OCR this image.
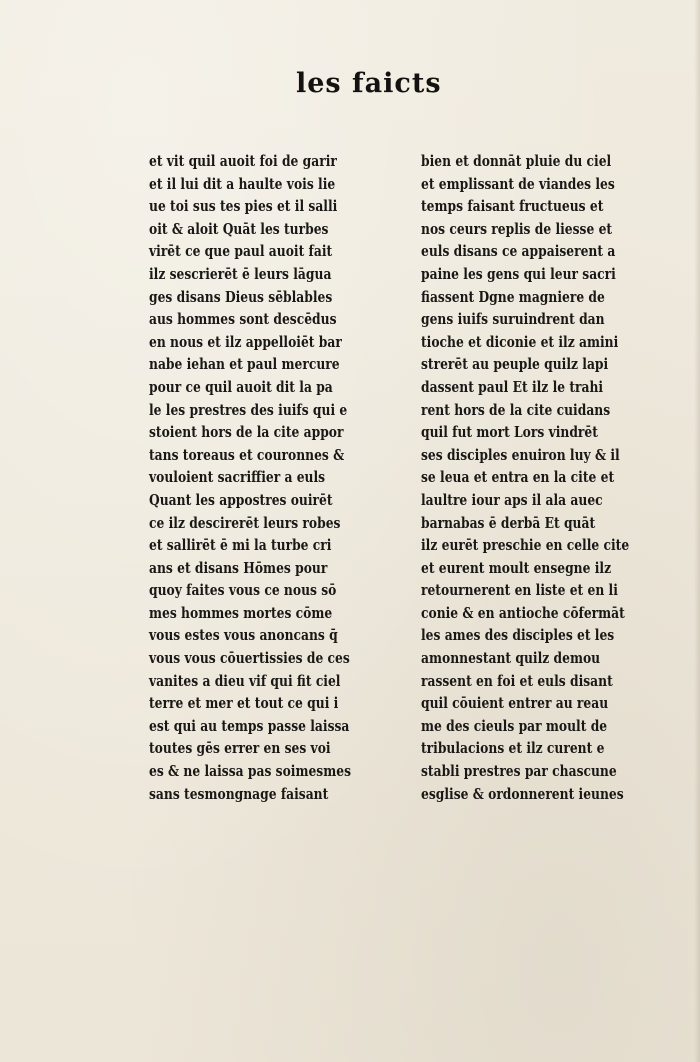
les faicts
et vit quil auoit foi de garir
et il lui dit a haulte vois lie
ue toi sus tes pies et il salli
oit & aloit Quāt les turbes
virēt ce que paul auoit fait
ilz sescrierēt ē leurs lāgua
ges disans Dieus sēblables
aus hommes sont descēdus
en nous et ilz appelloiēt bar
nabe iehan et paul mercure
pour ce quil auoit dit la pa
le les prestres des iuifs qui e
stoient hors de la cite appor
tans toreaus et couronnes &
vouloient sacriffier a euls
Quant les appostres ouirēt
ce ilz descirerēt leurs robes
et sallirēt ē mi la turbe cri
ans et disans Hōmes pour
quoy faites vous ce nous sō
mes hommes mortes cōme
vous estes vous anoncans q̄
vous vous cōuertissies de ces
vanites a dieu vif qui fit ciel
terre et mer et tout ce qui i
est qui au temps passe laissa
toutes gēs errer en ses voi
es & ne laissa pas soimesmes
sans tesmongnage faisant
bien et donnāt pluie du ciel
et emplissant de viandes les
temps faisant fructueus et
nos ceurs replis de liesse et
euls disans ce appaiserent a
paine les gens qui leur sacri
fiassent Dgne magniere de
gens iuifs suruindrent dan
tioche et diconie et ilz amini
strerēt au peuple quilz lapi
dassent paul Et ilz le trahi
rent hors de la cite cuidans
quil fut mort Lors vindrēt
ses disciples enuiron luy & il
se leua et entra en la cite et
laultre iour aps il ala auec
barnabas ē derbā Et quāt
ilz eurēt preschie en celle cite
et eurent moult ensegne ilz
retournerent en liste et en li
conie & en antioche cōfermāt
les ames des disciples et les
amonnestant quilz demou
rassent en foi et euls disant
quil cōuient entrer au reau
me des cieuls par moult de
tribulacions et ilz curent e
stabli prestres par chascune
esglise & ordonnerent ieunes
